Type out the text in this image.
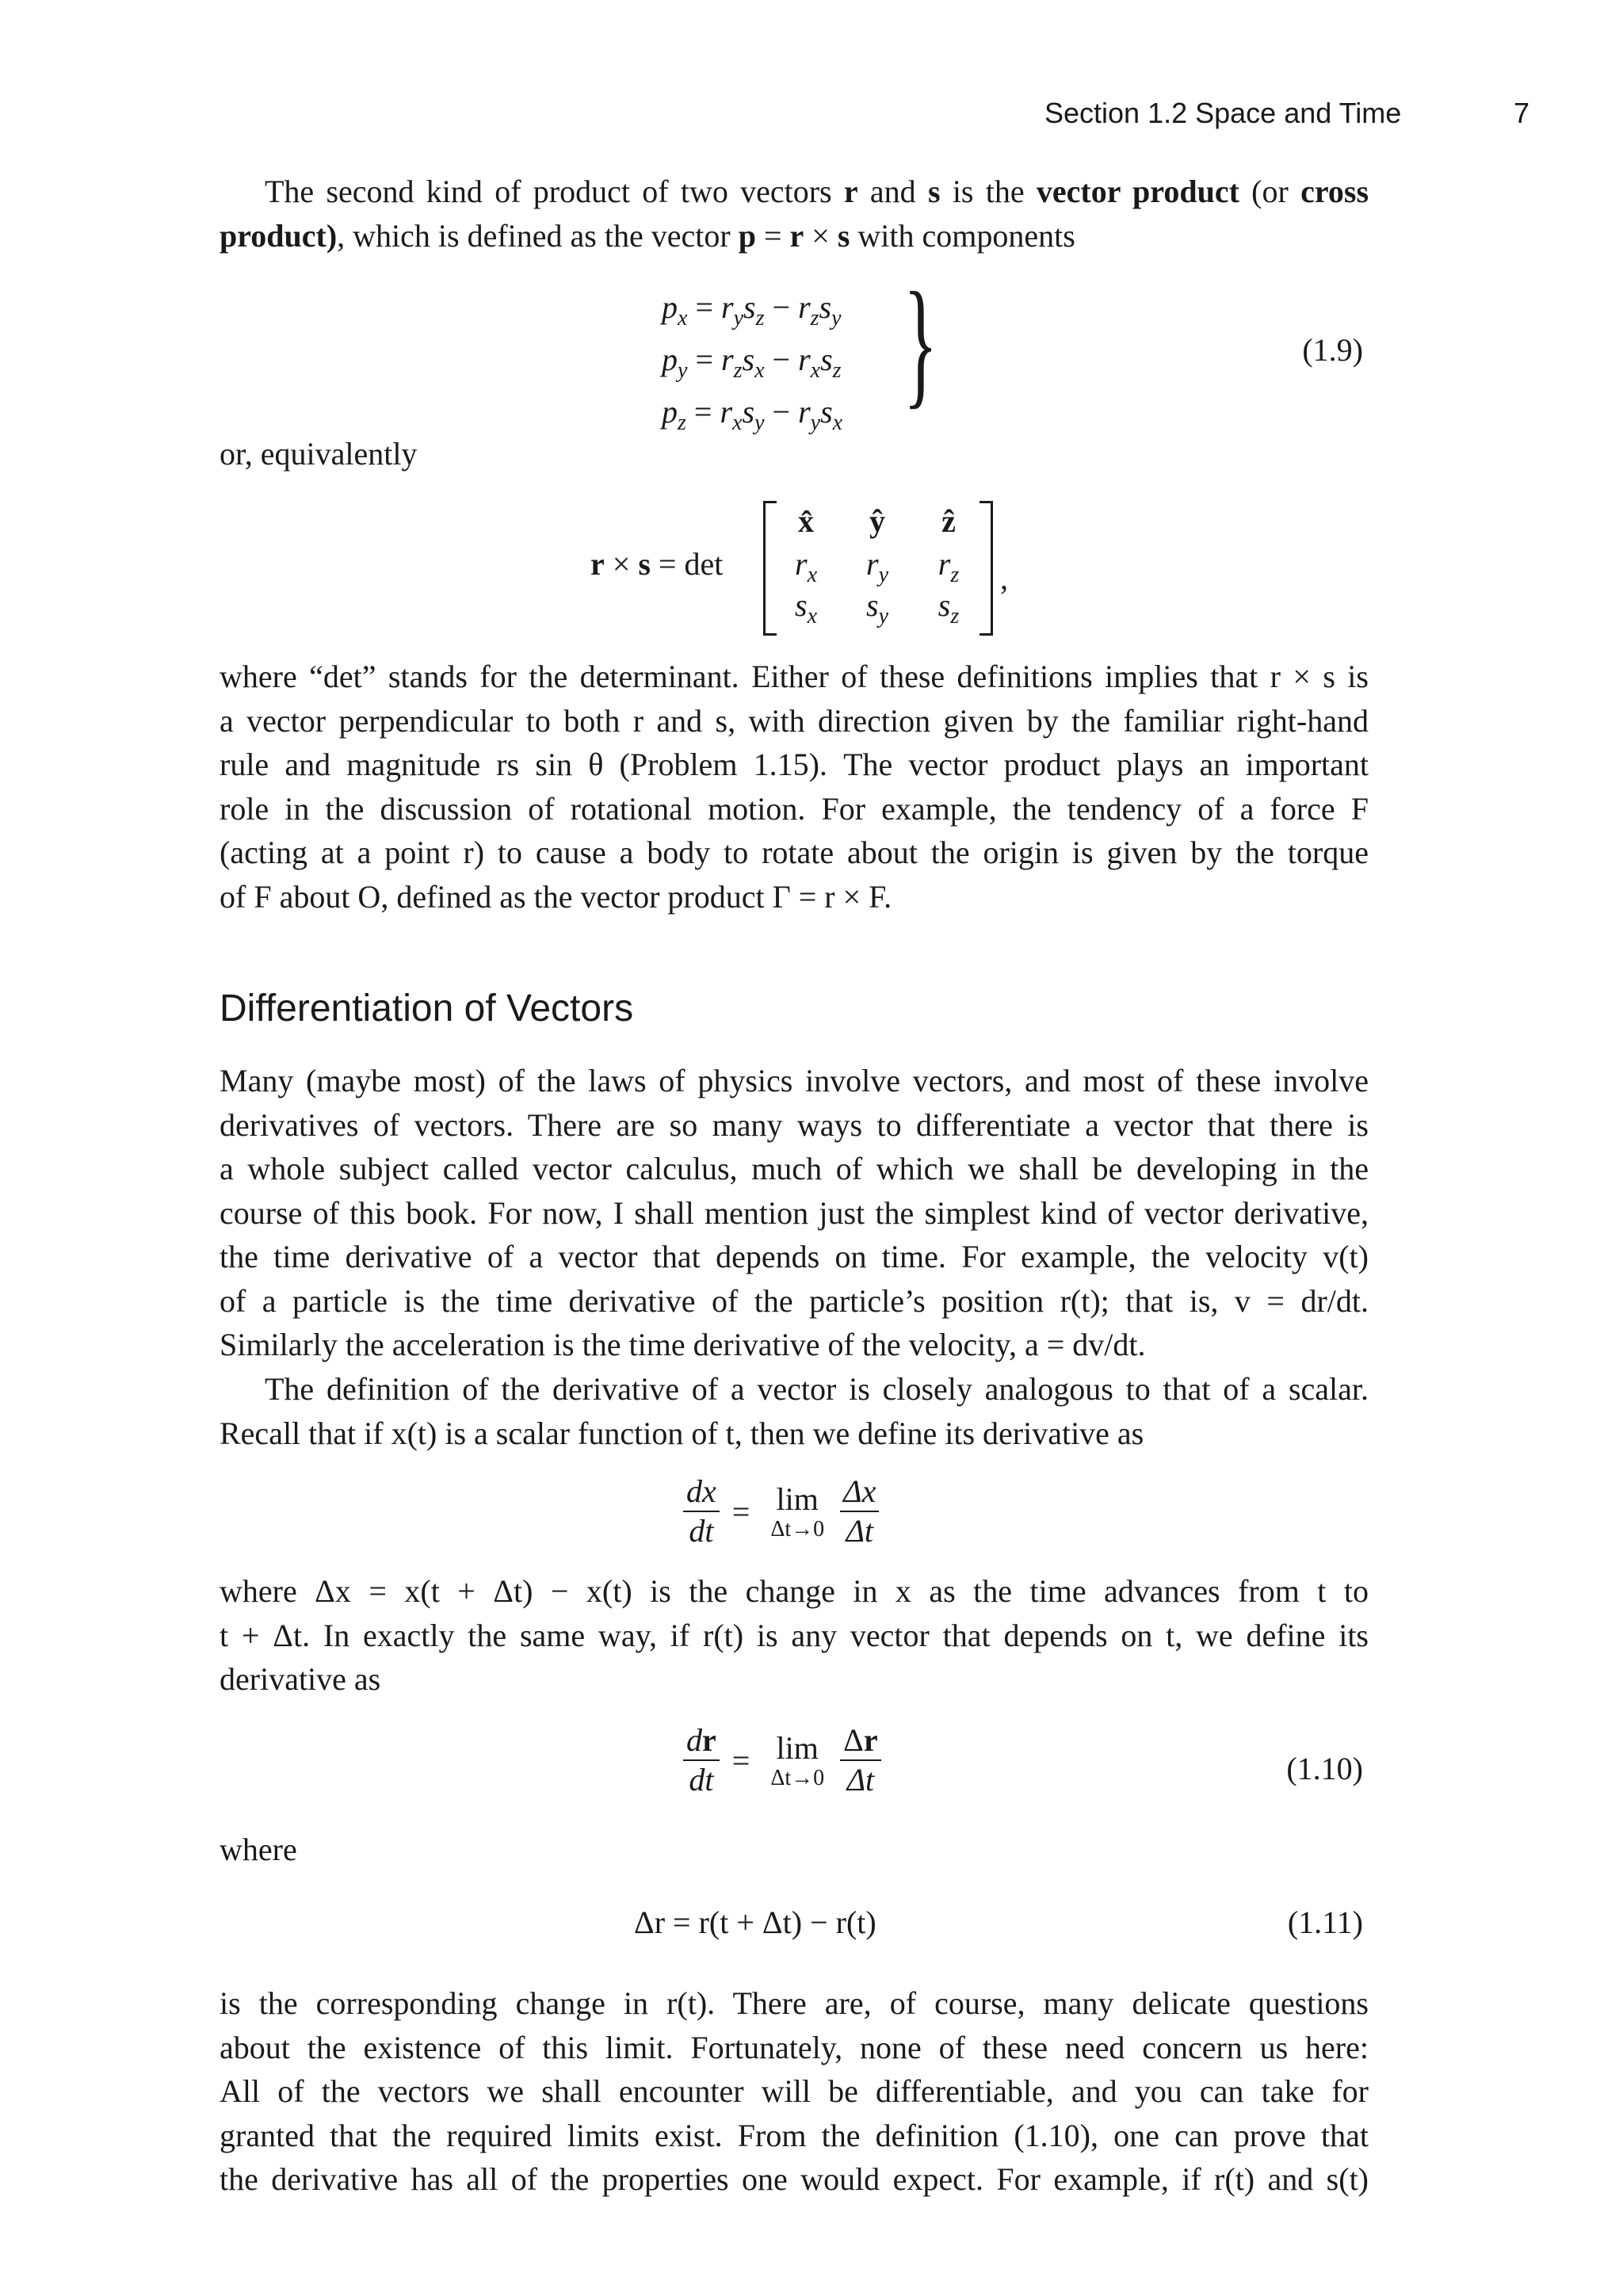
Section 1.2 Space and Time	7
The second kind of product of two vectors r and s is the vector product (or cross
product), which is defined as the vector p = r × s with components
$p_x = r_ys_z - r_zs_y$
$p_y = r_zs_x - r_xs_z$
$p_z = r_xs_y - r_ys_x$
}	(1.9)
or, equivalently
r × s = det
x̂	ŷ	ẑ
$r_x$	$r_y$	$r_z$
$s_x$	$s_y$	$s_z$
,
where “det” stands for the determinant. Either of these definitions implies that r × s is
a vector perpendicular to both r and s, with direction given by the familiar right-hand
rule and magnitude rs sin θ (Problem 1.15). The vector product plays an important
role in the discussion of rotational motion. For example, the tendency of a force F
(acting at a point r) to cause a body to rotate about the origin is given by the torque
of F about O, defined as the vector product Γ = r × F.
Differentiation of Vectors
Many (maybe most) of the laws of physics involve vectors, and most of these involve
derivatives of vectors. There are so many ways to differentiate a vector that there is
a whole subject called vector calculus, much of which we shall be developing in the
course of this book. For now, I shall mention just the simplest kind of vector derivative,
the time derivative of a vector that depends on time. For example, the velocity v(t)
of a particle is the time derivative of the particle’s position r(t); that is, v = dr/dt.
Similarly the acceleration is the time derivative of the velocity, a = dv/dt.
The definition of the derivative of a vector is closely analogous to that of a scalar.
Recall that if x(t) is a scalar function of t, then we define its derivative as
$\frac{dx}{dt} = \lim$
Δt→0
$\frac{\Delta x}{\Delta t}$
where Δx = x(t + Δt) − x(t) is the change in x as the time advances from t to
t + Δt. In exactly the same way, if r(t) is any vector that depends on t, we define its
derivative as
$\frac{dr}{dt} = \lim$
Δt→0
$\frac{\Delta r}{\Delta t}$	(1.10)
where
Δr = r(t + Δt) − r(t)	(1.11)
is the corresponding change in r(t). There are, of course, many delicate questions
about the existence of this limit. Fortunately, none of these need concern us here:
All of the vectors we shall encounter will be differentiable, and you can take for
granted that the required limits exist. From the definition (1.10), one can prove that
the derivative has all of the properties one would expect. For example, if r(t) and s(t)
